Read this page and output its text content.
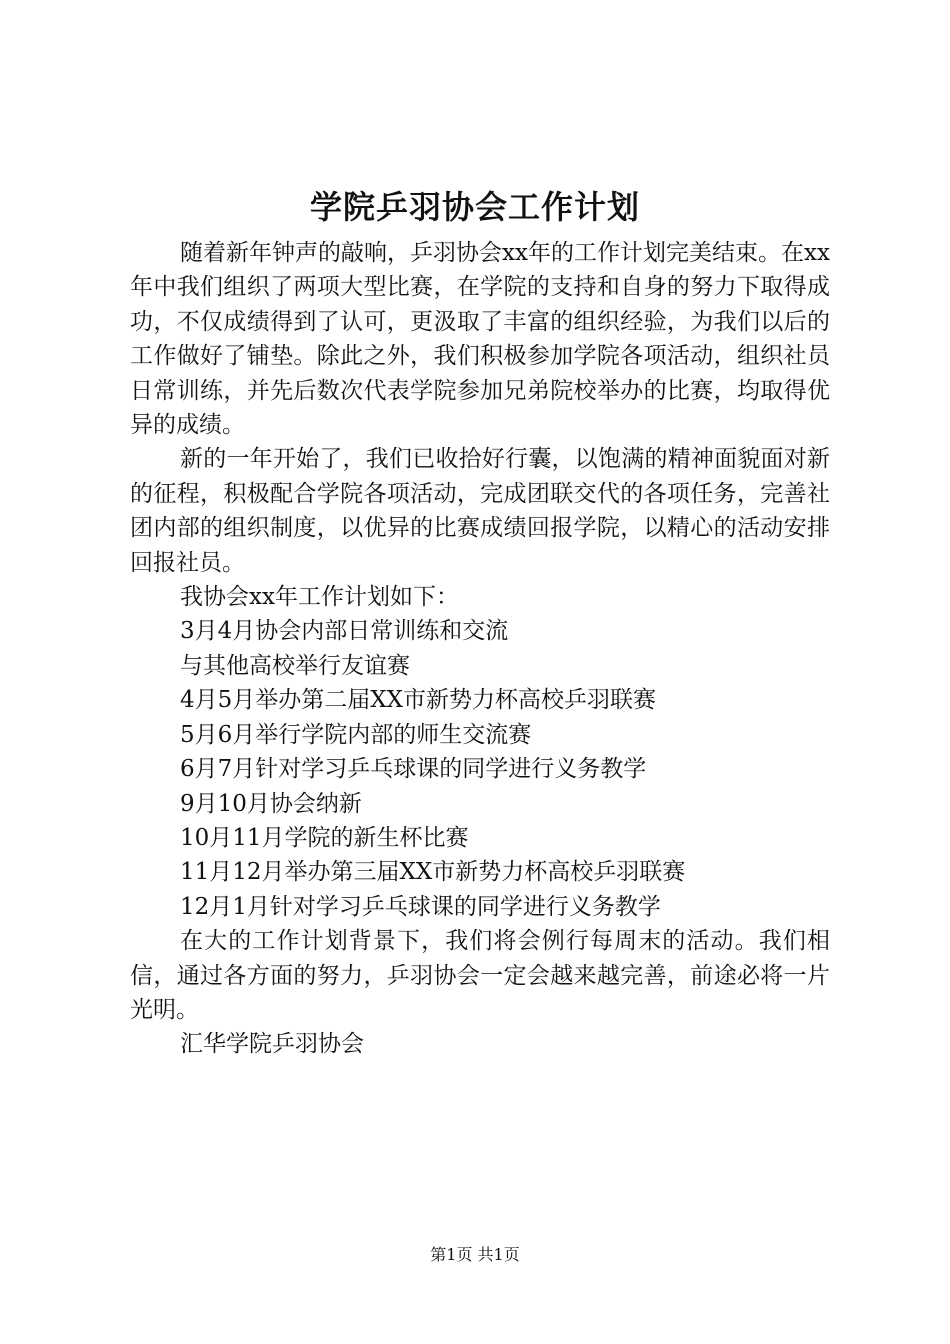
学院乒羽协会工作计划

随着新年钟声的敲响，乒羽协会xx年的工作计划完美结束。在xx年中我们组织了两项大型比赛，在学院的支持和自身的努力下取得成功，不仅成绩得到了认可，更汲取了丰富的组织经验，为我们以后的工作做好了铺垫。除此之外，我们积极参加学院各项活动，组织社员日常训练，并先后数次代表学院参加兄弟院校举办的比赛，均取得优异的成绩。

新的一年开始了，我们已收拾好行囊，以饱满的精神面貌面对新的征程，积极配合学院各项活动，完成团联交代的各项任务，完善社团内部的组织制度，以优异的比赛成绩回报学院，以精心的活动安排回报社员。

我协会xx年工作计划如下：

3月4月协会内部日常训练和交流

与其他高校举行友谊赛

4月5月举办第二届XX市新势力杯高校乒羽联赛

5月6月举行学院内部的师生交流赛

6月7月针对学习乒乓球课的同学进行义务教学

9月10月协会纳新

10月11月学院的新生杯比赛

11月12月举办第三届XX市新势力杯高校乒羽联赛

12月1月针对学习乒乓球课的同学进行义务教学

在大的工作计划背景下，我们将会例行每周末的活动。我们相信，通过各方面的努力，乒羽协会一定会越来越完善，前途必将一片光明。

汇华学院乒羽协会

第1页 共1页
